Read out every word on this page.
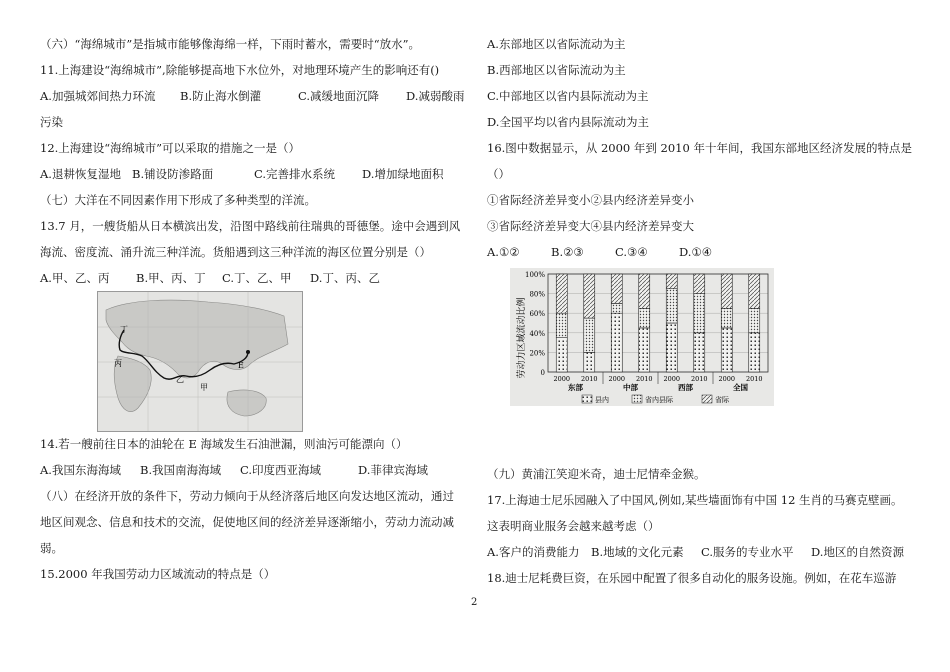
（六）“海绵城市”是指城市能够像海绵一样，下雨时蓄水，需要时“放水”。
11.上海建设“海绵城市”,除能够提高地下水位外，对地理环境产生的影响还有()
A.加强城郊间热力环流 B.防止海水倒灌	C.减缓地面沉降 D.减弱酸雨
污染
12.上海建设“海绵城市”可以采取的措施之一是（）
A.退耕恢复湿地 B.铺设防渗路面	C.完善排水系统 D.增加绿地面积
（七）大洋在不同因素作用下形成了多种类型的洋流。
13.7 月，一艘货船从日本横滨出发，沿图中路线前往瑞典的哥德堡。途中会遇到风
海流、密度流、涌升流三种洋流。货船遇到这三种洋流的海区位置分别是（）
A.甲、乙、丙 B.甲、丙、丁 C.丁、乙、甲 D.丁、丙、乙
丁
丙
乙
甲
E
14.若一艘前往日本的油轮在 E 海域发生石油泄漏，则油污可能漂向（）
A.我国东海海域 B.我国南海海域 C.印度西亚海域	D.菲律宾海域
（八）在经济开放的条件下，劳动力倾向于从经济落后地区向发达地区流动，通过
地区间观念、信息和技术的交流，促使地区间的经济差异逐渐缩小，劳动力流动减
弱。
15.2000 年我国劳动力区域流动的特点是（）
A.东部地区以省际流动为主
B.西部地区以省际流动为主
C.中部地区以省内县际流动为主
D.全国平均以省内县际流动为主
16.图中数据显示，从 2000 年到 2010 年十年间，我国东部地区经济发展的特点是
（）
①省际经济差异变小②县内经济差异变小
③省际经济差异变大④县内经济差异变大
A.①②	B.②③	C.③④	D.①④
劳动力区域流动比例
100%
80%
60%
40%
20%
0
2000 2010 2000 2010 2000 2010 2000 2010
东部	中部	西部	全国
县内	省内县际	省际
（九）黄浦江笑迎米奇，迪士尼情牵金猴。
17.上海迪士尼乐园融入了中国风,例如,某些墙面饰有中国 12 生肖的马赛克壁画。
这表明商业服务会越来越考虑（）
A.客户的消费能力 B.地域的文化元素 C.服务的专业水平 D.地区的自然资源
18.迪士尼耗费巨资，在乐园中配置了很多自动化的服务设施。例如，在花车巡游
2
